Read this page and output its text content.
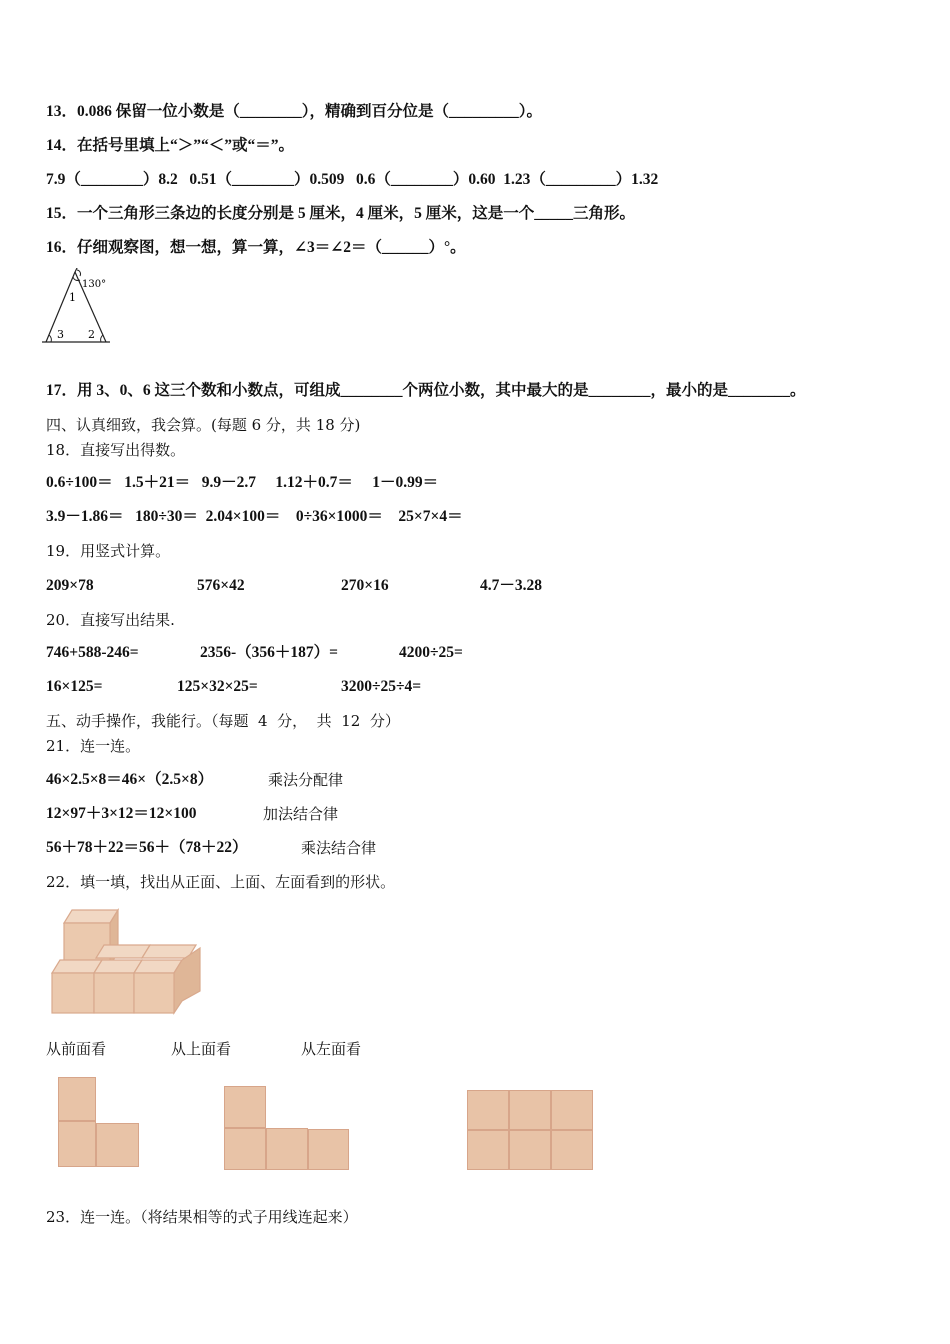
13．0.086 保留一位小数是（________），精确到百分位是（_________）。
14．在括号里填上“＞”“＜”或“＝”。
7.9（________）8.2   0.51（________）0.509   0.6（________）0.60  1.23（_________）1.32
15．一个三角形三条边的长度分别是 5 厘米，4 厘米，5 厘米，这是一个_____三角形。
16．仔细观察图，想一想，算一算，∠3＝∠2＝（______）°。
130°
1
3 2
17．用 3、0、6 这三个数和小数点，可组成________个两位小数，其中最大的是________，最小的是________。
四、认真细致，我会算。(每题 6 分，共 18 分)
18．直接写出得数。
0.6÷100＝   1.5＋21＝   9.9－2.7     1.12＋0.7＝     1－0.99＝
3.9－1.86＝   180÷30＝  2.04×100＝    0÷36×1000＝    25×7×4＝
19．用竖式计算。
209×78	576×42	270×16	4.7－3.28
20．直接写出结果.
746+588-246=	2356-（356＋187）=	4200÷25=
16×125=	125×32×25=	3200÷25÷4=
五、动手操作，我能行。（每题  4  分，  共  12  分）
21．连一连。
46×2.5×8＝46×（2.5×8）	乘法分配律
12×97＋3×12＝12×100	加法结合律
56＋78＋22＝56＋（78＋22）	乘法结合律
22．填一填，找出从正面、上面、左面看到的形状。
从前面看	从上面看	从左面看
23．连一连。（将结果相等的式子用线连起来）
